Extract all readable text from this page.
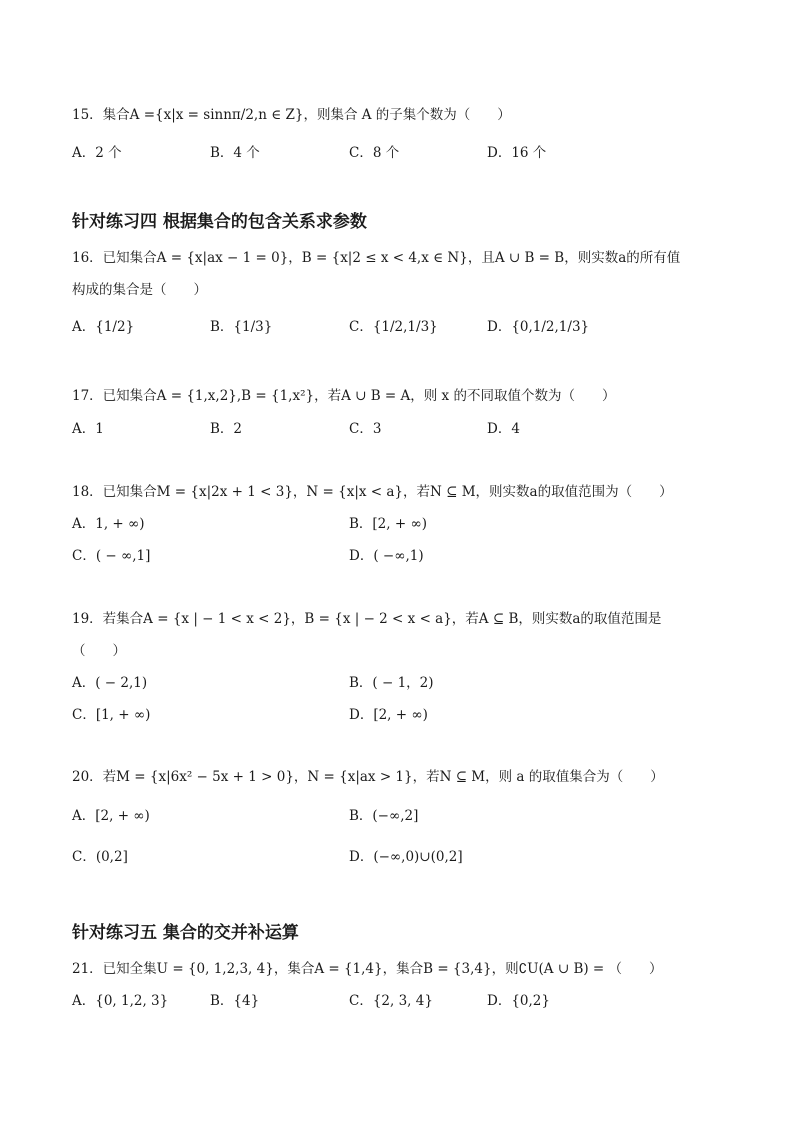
15．集合A ={x|x = sinnπ/2,n ∈ Z}，则集合 A 的子集个数为（　　）
A．2 个	B．4 个	C．8 个	D．16 个
针对练习四 根据集合的包含关系求参数
16．已知集合A = {x|ax − 1 = 0}，B = {x|2 ≤ x < 4,x ∈ N}，且A ∪ B = B，则实数a的所有值
构成的集合是（　　）
A．{1/2}	B．{1/3}	C．{1/2,1/3}	D．{0,1/2,1/3}
17．已知集合A = {1,x,2},B = {1,x²}，若A ∪ B = A，则 x 的不同取值个数为（　　）
A．1	B．2	C．3	D．4
18．已知集合M = {x|2x + 1 < 3}，N = {x|x < a}，若N ⊆ M，则实数a的取值范围为（　　）
A．1, + ∞)	B．[2, + ∞)
C．( − ∞,1]	D．( −∞,1)
19．若集合A = {x | − 1 < x < 2}，B = {x | − 2 < x < a}，若A ⊆ B，则实数a的取值范围是
（　　）
A．( − 2,1)	B．( − 1，2)
C．[1, + ∞)	D．[2, + ∞)
20．若M = {x|6x² − 5x + 1 > 0}，N = {x|ax > 1}，若N ⊆ M，则 a 的取值集合为（　　）
A．[2, + ∞)	B．(−∞,2]
C．(0,2]	D．(−∞,0)∪(0,2]
针对练习五 集合的交并补运算
21．已知全集U = {0, 1,2,3, 4}，集合A = {1,4}，集合B = {3,4}，则∁U(A ∪ B) = （　　）
A．{0, 1,2, 3}	B．{4}	C．{2, 3, 4}	D．{0,2}
